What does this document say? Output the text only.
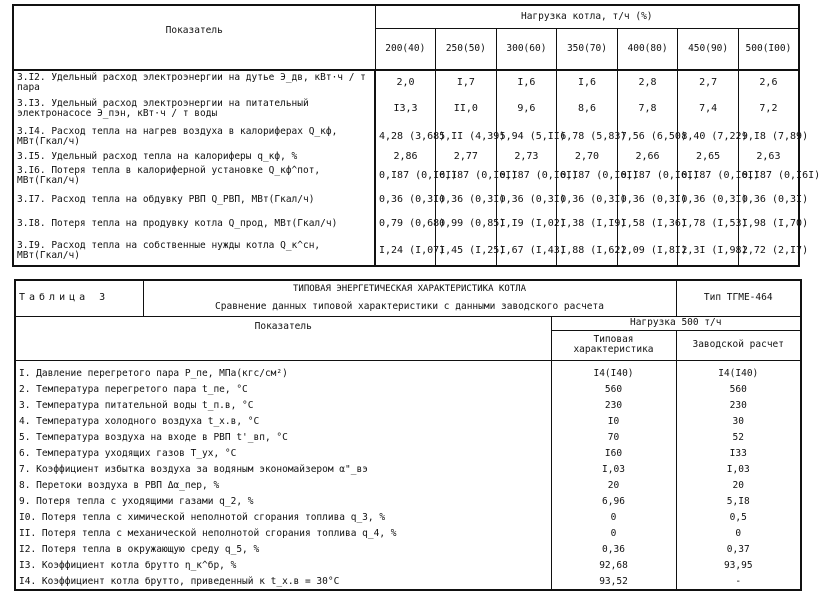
Показатель	Нагрузка котла, т/ч (%)						
	200(40)	250(50)	300(60)	350(70)	400(80)	450(90)	500(I00)
3.I2. Удельный расход электроэнергии на дутье Э_дв, кВт·ч / т пара	2,0	I,7	I,6	I,6	2,8	2,7	2,6
3.I3. Удельный расход электроэнергии на питательный электронасосе Э_пэн, кВт·ч / т воды	I3,3	II,0	9,6	8,6	7,8	7,4	7,2
3.I4. Расход тепла на нагрев воздуха в калориферах Q_кф, МВт(Гкал/ч)	4,28 (3,68)	5,II (4,39)	5,94 (5,II)	6,78 (5,83)	7,56 (6,50)	8,40 (7,22)	9,I8 (7,89)
3.I5. Удельный расход тепла на калориферы q_кф, %	2,86	2,77	2,73	2,70	2,66	2,65	2,63
3.I6. Потеря тепла в калориферной установке Q_кф^пот, МВт(Гкал/ч)	0,I87 (0,I6I)	0,I87 (0,I6I)	0,I87 (0,I6I)	0,I87 (0,I6I)	0,I87 (0,I6I)	0,I87 (0,I6I)	0,I87 (0,I6I)
3.I7. Расход тепла на обдувку РВП Q_РВП, МВт(Гкал/ч)	0,36 (0,3I)	0,36 (0,3I)	0,36 (0,3I)	0,36 (0,3I)	0,36 (0,3I)	0,36 (0,3I)	0,36 (0,3I)
3.I8. Потеря тепла на продувку котла Q_прод, МВт(Гкал/ч)	0,79 (0,68)	0,99 (0,85)	I,I9 (I,02)	I,38 (I,I9)	I,58 (I,36)	I,78 (I,53)	I,98 (I,70)
3.I9. Расход тепла на собственные нужды котла Q_к^сн, МВт(Гкал/ч)	I,24 (I,07)	I,45 (I,25)	I,67 (I,43)	I,88 (I,62)	2,09 (I,8I)	2,3I (I,98)	2,72 (2,I7)
Таблица 3	ТИПОВАЯ ЭНЕРГЕТИЧЕСКАЯ ХАРАКТЕРИСТИКА КОТЛА
Сравнение данных типовой характеристики с данными заводского расчета		Тип ТГМЕ-464
Показатель		Нагрузка 500 т/ч	
		Типовая характеристика	Заводской расчет

I. Давление перегретого пара P_пе, МПа(кгс/см²)		I4(I40)	I4(I40)
2. Температура перегретого пара t_пе, °C		560	560
3. Температура питательной воды t_п.в, °C		230	230
4. Температура холодного воздуха t_х.в, °C		I0	30
5. Температура воздуха на входе в РВП t'_вп, °C		70	52
6. Температура уходящих газов Т_ух, °C		I60	I33
7. Коэффициент избытка воздуха за водяным экономайзером α"_вэ		I,03	I,03
8. Перетоки воздуха в РВП Δα_пер, %		20	20
9. Потеря тепла с уходящими газами q_2, %		6,96	5,I8
I0. Потеря тепла с химической неполнотой сгорания топлива q_3, %		0	0,5
II. Потеря тепла с механической неполнотой сгорания топлива q_4, %		0	0
I2. Потеря тепла в окружающую среду q_5, %		0,36	0,37
I3. Коэффициент котла брутто η_к^бр, %		92,68	93,95
I4. Коэффициент котла брутто, приведенный к t_х.в = 30°C		93,52	-
